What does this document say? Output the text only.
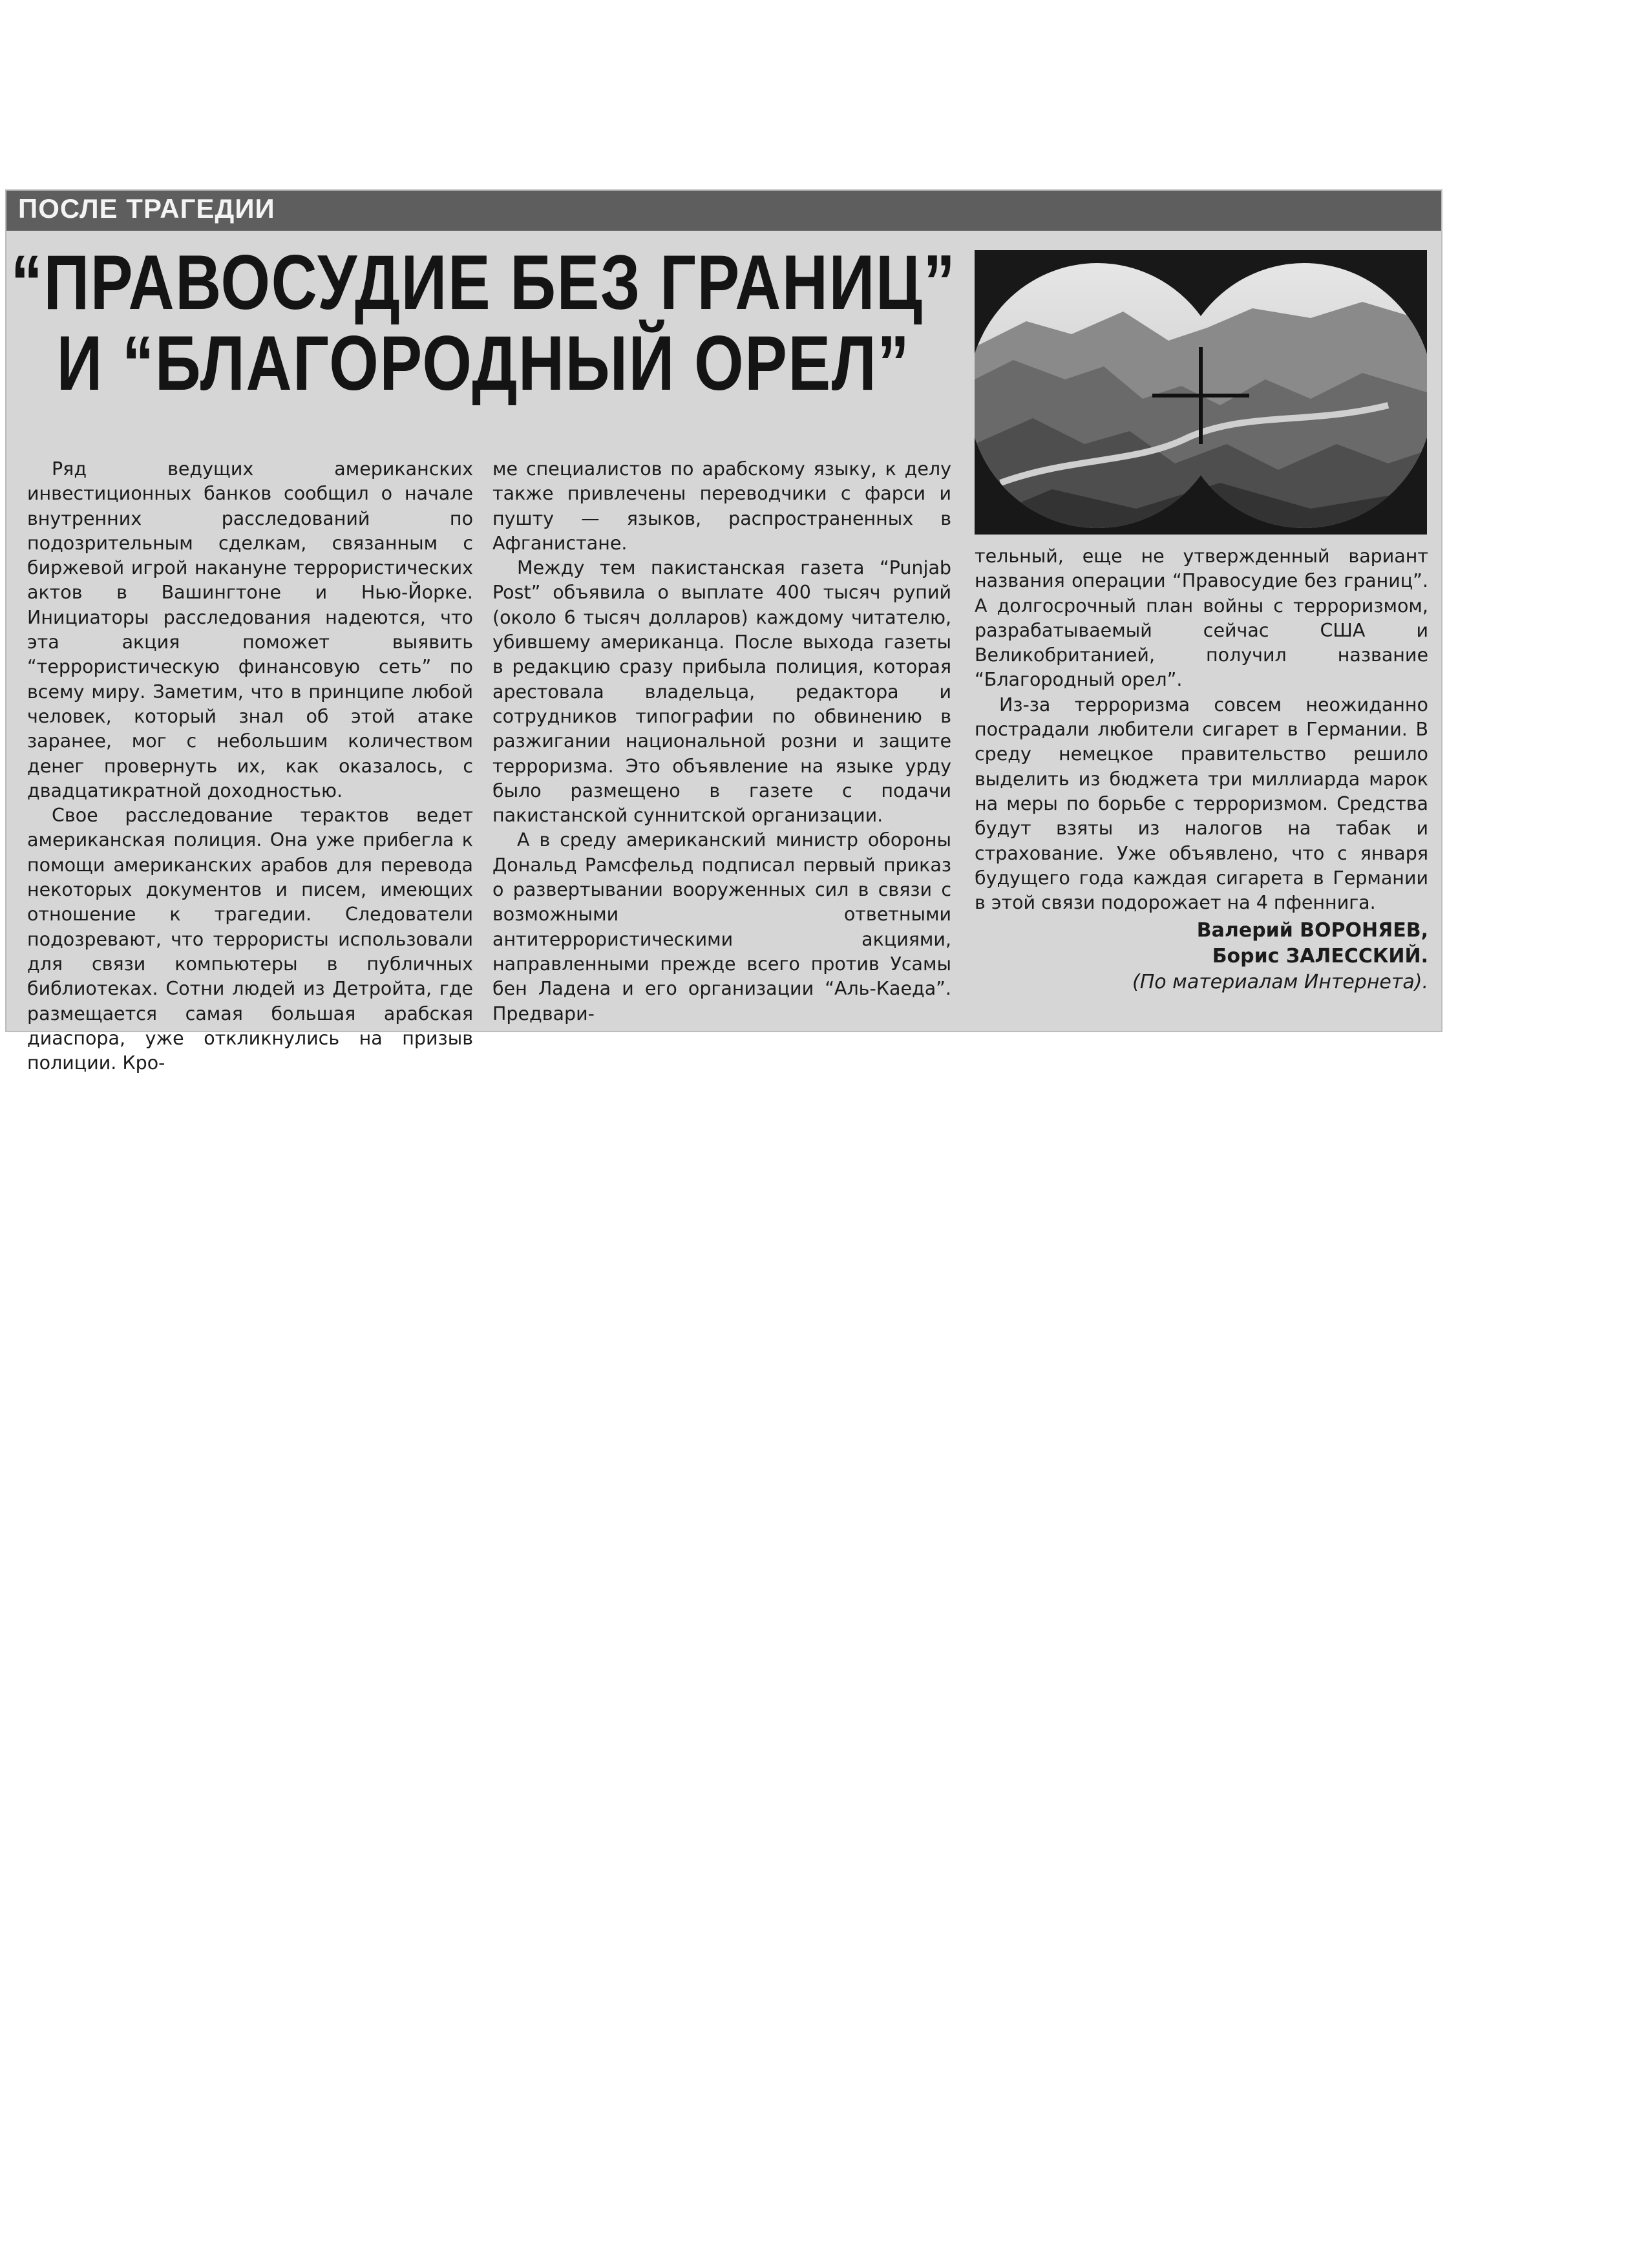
ПОСЛЕ ТРАГЕДИИ
“ПРАВОСУДИЕ БЕЗ ГРАНИЦ”
И “БЛАГОРОДНЫЙ ОРЕЛ”

Ряд ведущих американских инвестиционных банков сообщил о начале внутренних расследований по подозрительным сделкам, связанным с биржевой игрой накануне террористических актов в Вашингтоне и Нью-Йорке. Инициаторы расследования надеются, что эта акция поможет выявить “террористическую финансовую сеть” по всему миру. Заметим, что в принципе любой человек, который знал об этой атаке заранее, мог с небольшим количеством денег провернуть их, как оказалось, с двадцатикратной доходностью.

Свое расследование терактов ведет американская полиция. Она уже прибегла к помощи американских арабов для перевода некоторых документов и писем, имеющих отношение к трагедии. Следователи подозревают, что террористы использовали для связи компьютеры в публичных библиотеках. Сотни людей из Детройта, где размещается самая большая арабская диаспора, уже откликнулись на призыв полиции. Кро-

ме специалистов по арабскому языку, к делу также привлечены переводчики с фарси и пушту — языков, распространенных в Афганистане.

Между тем пакистанская газета “Punjab Post” объявила о выплате 400 тысяч рупий (около 6 тысяч долларов) каждому читателю, убившему американца. После выхода газеты в редакцию сразу прибыла полиция, которая арестовала владельца, редактора и сотрудников типографии по обвинению в разжигании национальной розни и защите терроризма. Это объявление на языке урду было размещено в газете с подачи пакистанской суннитской организации.

А в среду американский министр обороны Дональд Рамсфельд подписал первый приказ о развертывании вооруженных сил в связи с возможными ответными антитеррористическими акциями, направленными прежде всего против Усамы бен Ладена и его организации “Аль-Каеда”. Предвари-

тельный, еще не утвержденный вариант названия операции “Правосудие без границ”. А долгосрочный план войны с терроризмом, разрабатываемый сейчас США и Великобританией, получил название “Благородный орел”.

Из-за терроризма совсем неожиданно пострадали любители сигарет в Германии. В среду немецкое правительство решило выделить из бюджета три миллиарда марок на меры по борьбе с терроризмом. Средства будут взяты из налогов на табак и страхование. Уже объявлено, что с января будущего года каждая сигарета в Германии в этой связи подорожает на 4 пфеннига.

Валерий ВОРОНЯЕВ,
Борис ЗАЛЕССКИЙ.
(По материалам Интернета).
